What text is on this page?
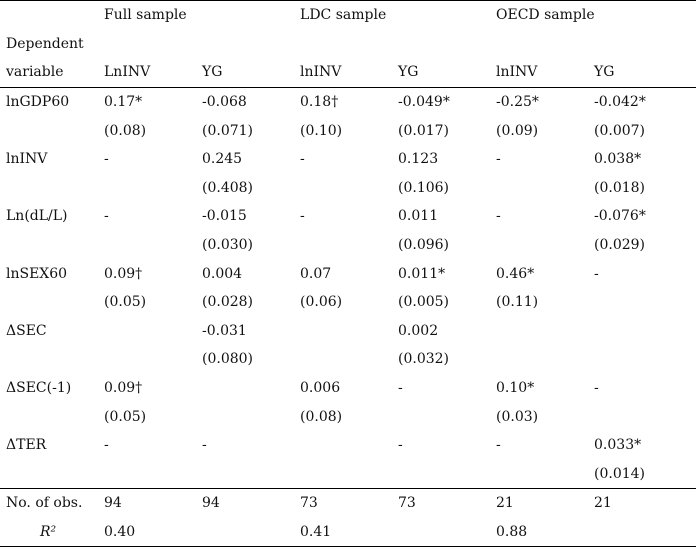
	Full sample		LDC sample		OECD sample	
Dependent						
variable	LnINV	YG	lnINV	YG	lnINV	YG
lnGDP60	0.17*	-0.068	0.18†	-0.049*	-0.25*	-0.042*
	(0.08)	(0.071)	(0.10)	(0.017)	(0.09)	(0.007)
lnINV	-	0.245	-	0.123	-	0.038*
		(0.408)		(0.106)		(0.018)
Ln(dL/L)	-	-0.015	-	0.011	-	-0.076*
		(0.030)		(0.096)		(0.029)
lnSEX60	0.09†	0.004	0.07	0.011*	0.46*	-
	(0.05)	(0.028)	(0.06)	(0.005)	(0.11)	
ΔSEC		-0.031		0.002		
		(0.080)		(0.032)		
ΔSEC(-1)	0.09†		0.006	-	0.10*	-
	(0.05)		(0.08)		(0.03)	
ΔTER	-	-		-	-	0.033*
						(0.014)
No. of obs.	94	94	73	73	21	21
R²	0.40		0.41		0.88	
